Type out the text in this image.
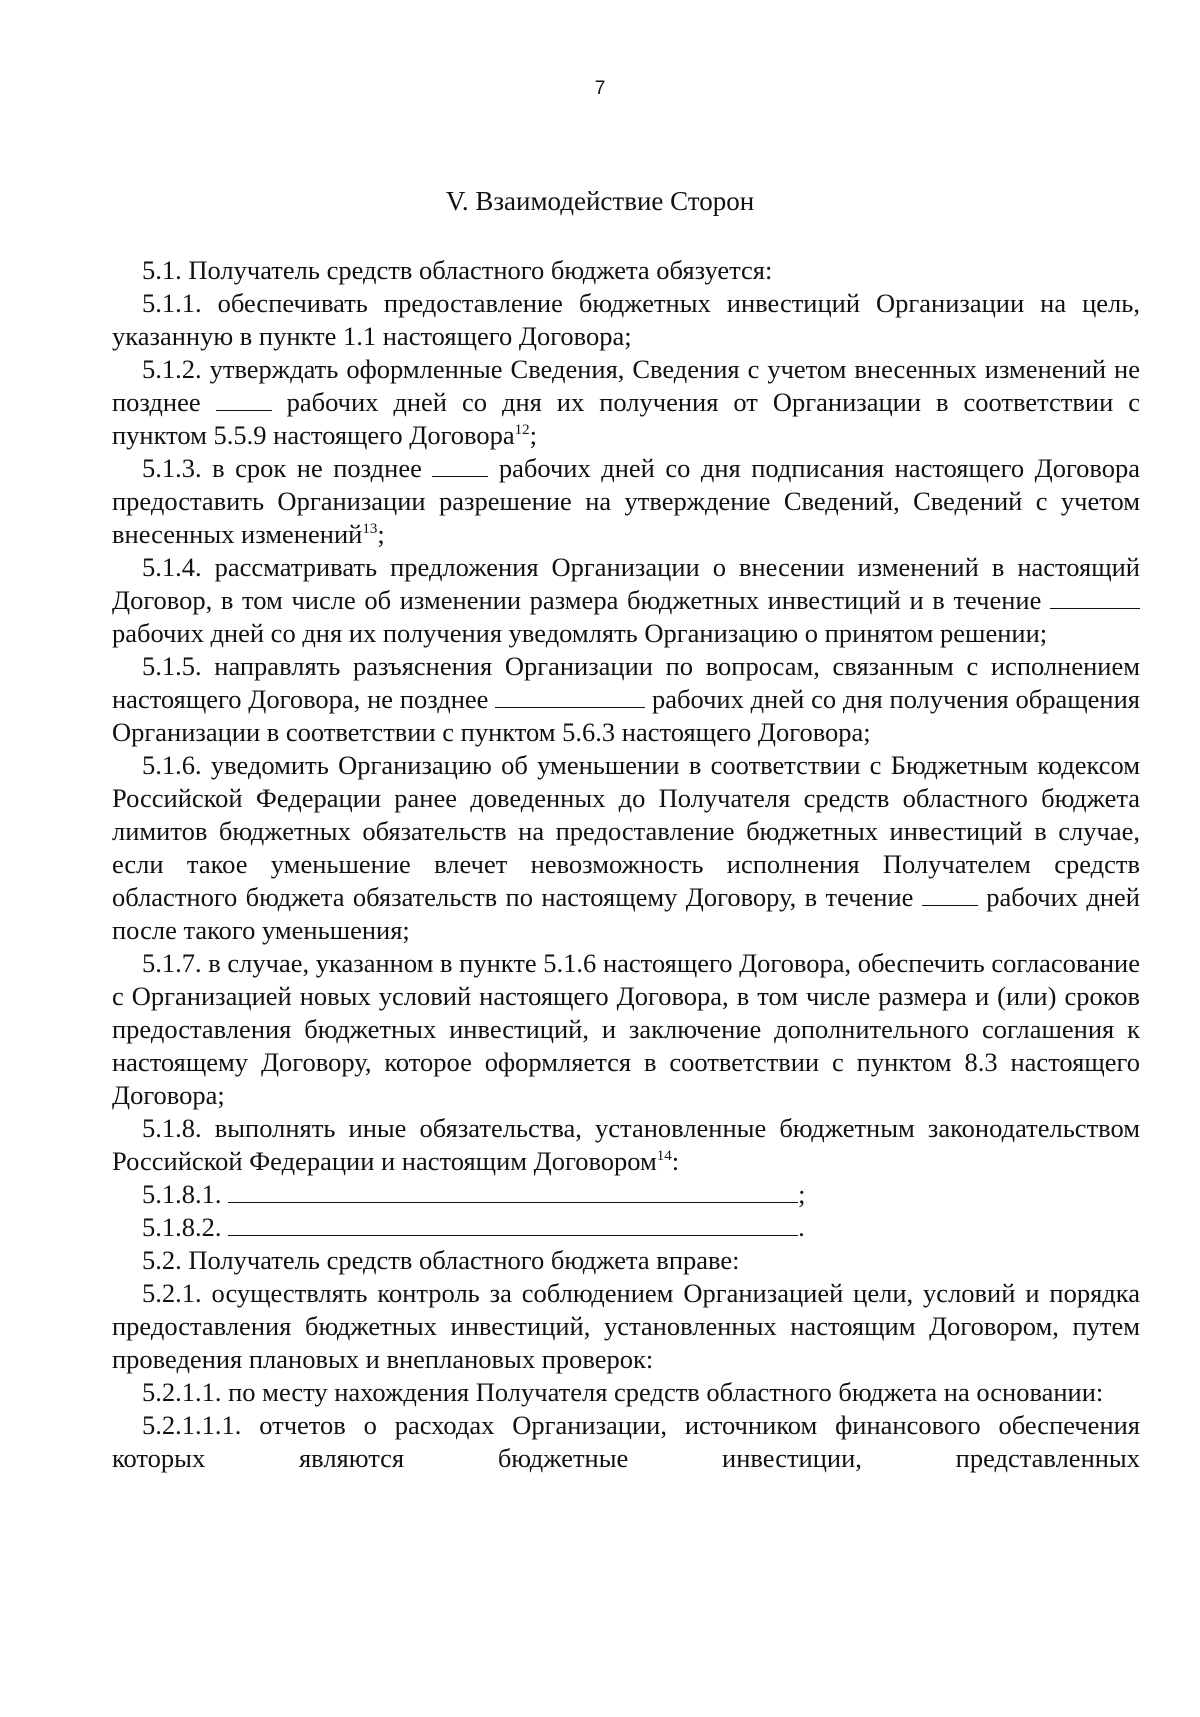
7
V. Взаимодействие Сторон
5.1. Получатель средств областного бюджета обязуется:
5.1.1. обеспечивать предоставление бюджетных инвестиций Организации на цель, указанную в пункте 1.1 настоящего Договора;
5.1.2. утверждать оформленные Сведения, Сведения с учетом внесенных изменений не позднее	рабочих дней со дня их получения от Организации в соответствии с пунктом 5.5.9 настоящего Договора$^{12}$;
5.1.3. в срок не позднее	рабочих дней со дня подписания настоящего Договора предоставить Организации разрешение на утверждение Сведений, Сведений с учетом внесенных изменений$^{13}$;
5.1.4. рассматривать предложения Организации о внесении изменений в настоящий Договор, в том числе об изменении размера бюджетных инвестиций и в течение  рабочих дней со дня их получения уведомлять Организацию о принятом решении;
5.1.5. направлять разъяснения Организации по вопросам, связанным с исполнением настоящего Договора, не позднее	рабочих дней со дня получения обращения Организации в соответствии с пунктом 5.6.3 настоящего Договора;
5.1.6. уведомить Организацию об уменьшении в соответствии с Бюджетным кодексом Российской Федерации ранее доведенных до Получателя средств областного бюджета лимитов бюджетных обязательств на предоставление бюджетных инвестиций в случае, если такое уменьшение влечет невозможность исполнения Получателем средств областного бюджета обязательств по настоящему Договору, в течение	рабочих дней после такого уменьшения;
5.1.7. в случае, указанном в пункте 5.1.6 настоящего Договора, обеспечить согласование с Организацией новых условий настоящего Договора, в том числе размера и (или) сроков предоставления бюджетных инвестиций, и заключение дополнительного соглашения к настоящему Договору, которое оформляется в соответствии с пунктом 8.3 настоящего Договора;
5.1.8. выполнять иные обязательства, установленные бюджетным законодательством Российской Федерации и настоящим Договором$^{14}$:
5.1.8.1.	;
5.1.8.2.	.
5.2. Получатель средств областного бюджета вправе:
5.2.1. осуществлять контроль за соблюдением Организацией цели, условий и порядка предоставления бюджетных инвестиций, установленных настоящим Договором, путем проведения плановых и внеплановых проверок:
5.2.1.1. по месту нахождения Получателя средств областного бюджета на основании:
5.2.1.1.1. отчетов о расходах Организации, источником финансового обеспечения которых являются бюджетные инвестиции, представленных
